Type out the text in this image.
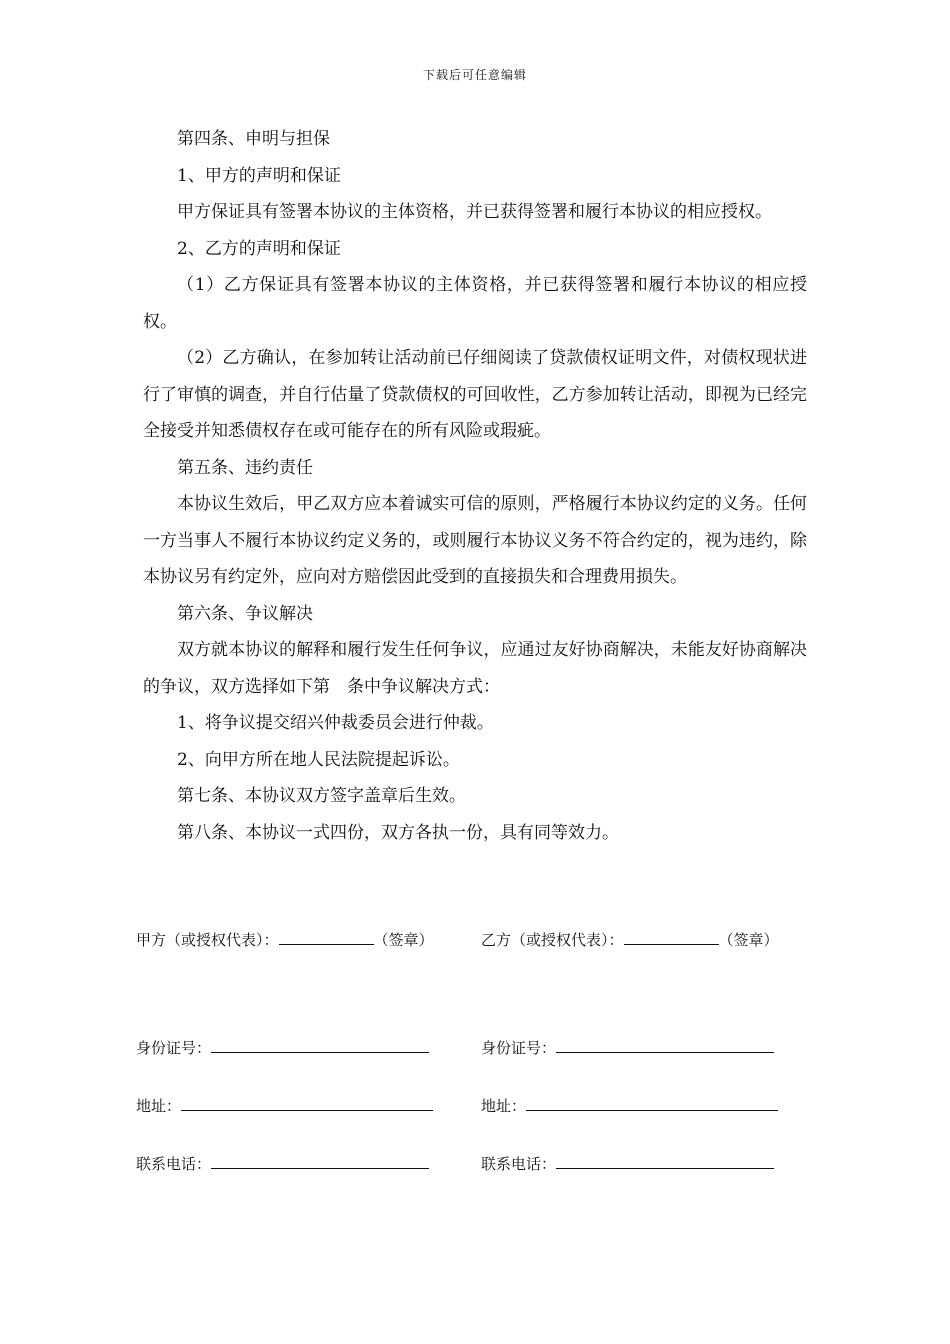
下载后可任意编辑

第四条、申明与担保

1、甲方的声明和保证

甲方保证具有签署本协议的主体资格，并已获得签署和履行本协议的相应授权。

2、乙方的声明和保证

（1）乙方保证具有签署本协议的主体资格，并已获得签署和履行本协议的相应授权。

（2）乙方确认，在参加转让活动前已仔细阅读了贷款债权证明文件，对债权现状进行了审慎的调查，并自行估量了贷款债权的可回收性，乙方参加转让活动，即视为已经完全接受并知悉债权存在或可能存在的所有风险或瑕疵。

第五条、违约责任

本协议生效后，甲乙双方应本着诚实可信的原则，严格履行本协议约定的义务。任何一方当事人不履行本协议约定义务的，或则履行本协议义务不符合约定的，视为违约，除本协议另有约定外，应向对方赔偿因此受到的直接损失和合理费用损失。

第六条、争议解决

双方就本协议的解释和履行发生任何争议，应通过友好协商解决，未能友好协商解决的争议，双方选择如下第　条中争议解决方式：

1、将争议提交绍兴仲裁委员会进行仲裁。

2、向甲方所在地人民法院提起诉讼。

第七条、本协议双方签字盖章后生效。

第八条、本协议一式四份，双方各执一份，具有同等效力。

甲方（或授权代表）：	（签章）	乙方（或授权代表）：	（签章）
身份证号：	身份证号：
地址：	地址：
联系电话：	联系电话：
